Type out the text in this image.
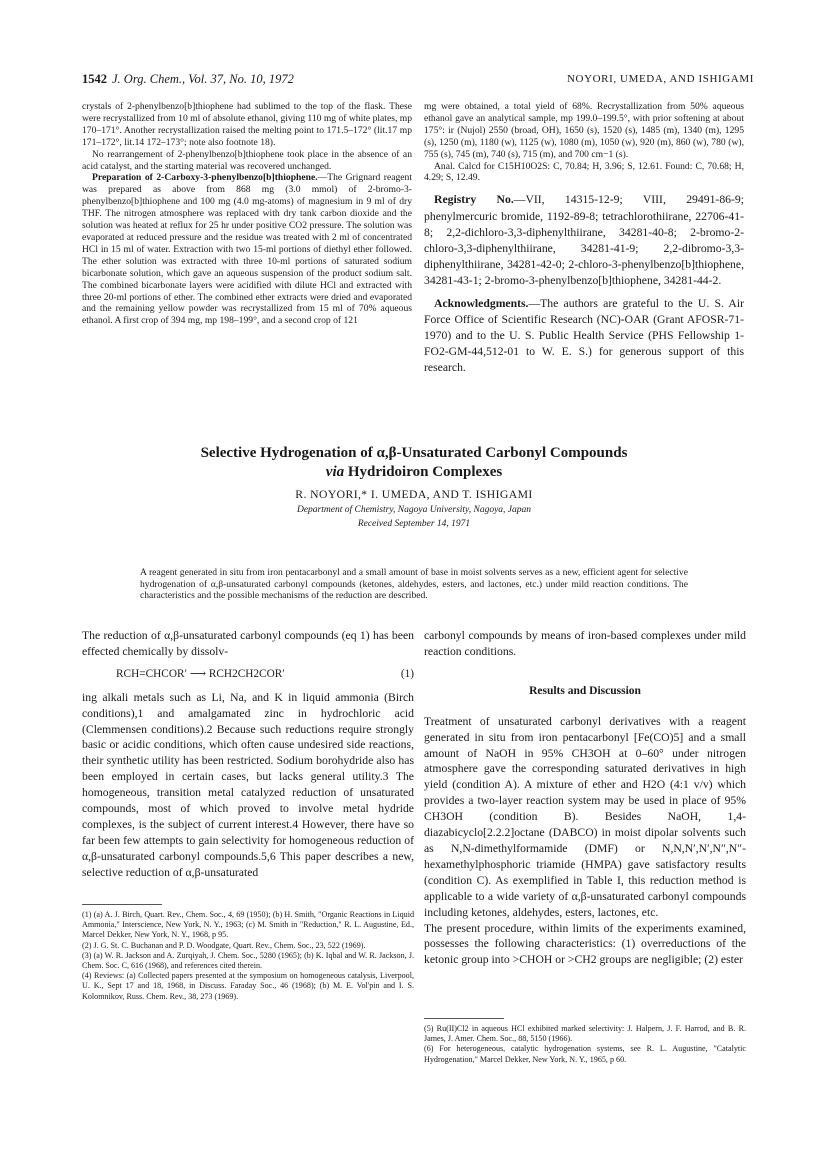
1542 J. Org. Chem., Vol. 37, No. 10, 1972	NOYORI, UMEDA, AND ISHIGAMI

crystals of 2-phenylbenzo[b]thiophene had sublimed to the top of the flask. These were recrystallized from 10 ml of absolute ethanol, giving 110 mg of white plates, mp 170–171°. Another recrystallization raised the melting point to 171.5–172° (lit.17 mp 171–172°, lit.14 172–173°; note also footnote 18).

No rearrangement of 2-phenylbenzo[b]thiophene took place in the absence of an acid catalyst, and the starting material was recovered unchanged.

Preparation of 2-Carboxy-3-phenylbenzo[b]thiophene.—The Grignard reagent was prepared as above from 868 mg (3.0 mmol) of 2-bromo-3-phenylbenzo[b]thiophene and 100 mg (4.0 mg-atoms) of magnesium in 9 ml of dry THF. The nitrogen atmosphere was replaced with dry tank carbon dioxide and the solution was heated at reflux for 25 hr under positive CO2 pressure. The solution was evaporated at reduced pressure and the residue was treated with 2 ml of concentrated HCl in 15 ml of water. Extraction with two 15-ml portions of diethyl ether followed. The ether solution was extracted with three 10-ml portions of saturated sodium bicarbonate solution, which gave an aqueous suspension of the product sodium salt. The combined bicarbonate layers were acidified with dilute HCl and extracted with three 20-ml portions of ether. The combined ether extracts were dried and evaporated and the remaining yellow powder was recrystallized from 15 ml of 70% aqueous ethanol. A first crop of 394 mg, mp 198–199°, and a second crop of 121

mg were obtained, a total yield of 68%. Recrystallization from 50% aqueous ethanol gave an analytical sample, mp 199.0–199.5°, with prior softening at about 175°: ir (Nujol) 2550 (broad, OH), 1650 (s), 1520 (s), 1485 (m), 1340 (m), 1295 (s), 1250 (m), 1180 (w), 1125 (w), 1080 (m), 1050 (w), 920 (m), 860 (w), 780 (w), 755 (s), 745 (m), 740 (s), 715 (m), and 700 cm−1 (s).

Anal. Calcd for C15H10O2S: C, 70.84; H, 3.96; S, 12.61. Found: C, 70.68; H, 4.29; S, 12.49.

Registry No.—VII, 14315-12-9; VIII, 29491-86-9; phenylmercuric bromide, 1192-89-8; tetrachlorothiirane, 22706-41-8; 2,2-dichloro-3,3-diphenylthiirane, 34281-40-8; 2-bromo-2-chloro-3,3-diphenylthiirane, 34281-41-9; 2,2-dibromo-3,3-diphenylthiirane, 34281-42-0; 2-chloro-3-phenylbenzo[b]thiophene, 34281-43-1; 2-bromo-3-phenylbenzo[b]thiophene, 34281-44-2.

Acknowledgments.—The authors are grateful to the U. S. Air Force Office of Scientific Research (NC)-OAR (Grant AFOSR-71-1970) and to the U. S. Public Health Service (PHS Fellowship 1-FO2-GM-44,512-01 to W. E. S.) for generous support of this research.

Selective Hydrogenation of α,β-Unsaturated Carbonyl Compounds
via Hydridoiron Complexes
R. NOYORI,* I. UMEDA, AND T. ISHIGAMI
Department of Chemistry, Nagoya University, Nagoya, Japan
Received September 14, 1971
A reagent generated in situ from iron pentacarbonyl and a small amount of base in moist solvents serves as a new, efficient agent for selective hydrogenation of α,β-unsaturated carbonyl compounds (ketones, aldehydes, esters, and lactones, etc.) under mild reaction conditions. The characteristics and the possible mechanisms of the reduction are described.

The reduction of α,β-unsaturated carbonyl compounds (eq 1) has been effected chemically by dissolv-

RCH=CHCOR′ ⟶ RCH2CH2COR′	(1)

ing alkali metals such as Li, Na, and K in liquid ammonia (Birch conditions),1 and amalgamated zinc in hydrochloric acid (Clemmensen conditions).2 Because such reductions require strongly basic or acidic conditions, which often cause undesired side reactions, their synthetic utility has been restricted. Sodium borohydride also has been employed in certain cases, but lacks general utility.3 The homogeneous, transition metal catalyzed reduction of unsaturated compounds, most of which proved to involve metal hydride complexes, is the subject of current interest.4 However, there have so far been few attempts to gain selectivity for homogeneous reduction of α,β-unsaturated carbonyl compounds.5,6 This paper describes a new, selective reduction of α,β-unsaturated

(1) (a) A. J. Birch, Quart. Rev., Chem. Soc., 4, 69 (1950); (b) H. Smith, "Organic Reactions in Liquid Ammonia," Interscience, New York, N. Y., 1963; (c) M. Smith in "Reduction," R. L. Augustine, Ed., Marcel Dekker, New York, N. Y., 1968, p 95.

(2) J. G. St. C. Buchanan and P. D. Woodgate, Quart. Rev., Chem. Soc., 23, 522 (1969).

(3) (a) W. R. Jackson and A. Zurqiyah, J. Chem. Soc., 5280 (1965); (b) K. Iqbal and W. R. Jackson, J. Chem. Soc. C, 616 (1968), and references cited therein.

(4) Reviews: (a) Collected papers presented at the symposium on homogeneous catalysis, Liverpool, U. K., Sept 17 and 18, 1968, in Discuss. Faraday Soc., 46 (1968); (b) M. E. Vol'pin and I. S. Kolomnikov, Russ. Chem. Rev., 38, 273 (1969).

carbonyl compounds by means of iron-based complexes under mild reaction conditions.

Results and Discussion

Treatment of unsaturated carbonyl derivatives with a reagent generated in situ from iron pentacarbonyl [Fe(CO)5] and a small amount of NaOH in 95% CH3OH at 0–60° under nitrogen atmosphere gave the corresponding saturated derivatives in high yield (condition A). A mixture of ether and H2O (4:1 v/v) which provides a two-layer reaction system may be used in place of 95% CH3OH (condition B). Besides NaOH, 1,4-diazabicyclo[2.2.2]octane (DABCO) in moist dipolar solvents such as N,N-dimethylformamide (DMF) or N,N,N′,N′,N″,N″-hexamethylphosphoric triamide (HMPA) gave satisfactory results (condition C). As exemplified in Table I, this reduction method is applicable to a wide variety of α,β-unsaturated carbonyl compounds including ketones, aldehydes, esters, lactones, etc.

The present procedure, within limits of the experiments examined, possesses the following characteristics: (1) overreductions of the ketonic group into >CHOH or >CH2 groups are negligible; (2) ester

(5) Ru(II)Cl2 in aqueous HCl exhibited marked selectivity: J. Halpern, J. F. Harrod, and B. R. James, J. Amer. Chem. Soc., 88, 5150 (1966).

(6) For heterogeneous, catalytic hydrogenation systems, see R. L. Augustine, "Catalytic Hydrogenation," Marcel Dekker, New York, N. Y., 1965, p 60.
